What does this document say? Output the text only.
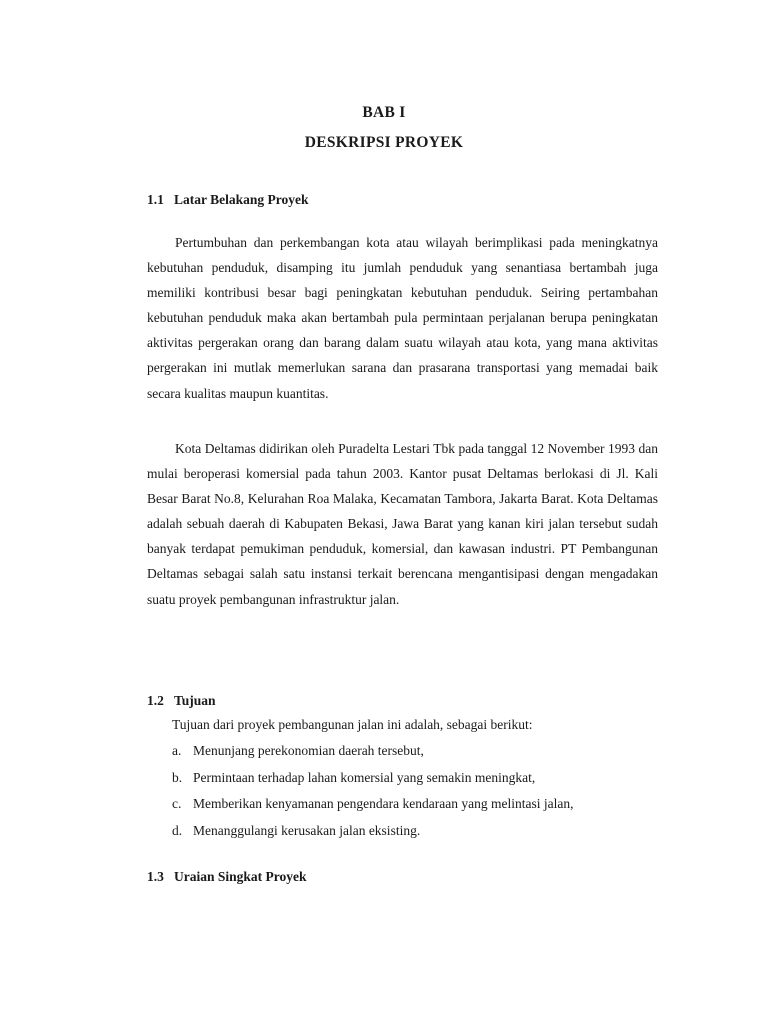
BAB I
DESKRIPSI PROYEK
1.1 Latar Belakang Proyek

Pertumbuhan dan perkembangan kota atau wilayah berimplikasi pada meningkatnya kebutuhan penduduk, disamping itu jumlah penduduk yang senantiasa bertambah juga memiliki kontribusi besar bagi peningkatan kebutuhan penduduk. Seiring pertambahan kebutuhan penduduk maka akan bertambah pula permintaan perjalanan berupa peningkatan aktivitas pergerakan orang dan barang dalam suatu wilayah atau kota, yang mana aktivitas pergerakan ini mutlak memerlukan sarana dan prasarana transportasi yang memadai baik secara kualitas maupun kuantitas.

Kota Deltamas didirikan oleh Puradelta Lestari Tbk pada tanggal 12 November 1993 dan mulai beroperasi komersial pada tahun 2003. Kantor pusat Deltamas berlokasi di Jl. Kali Besar Barat No.8, Kelurahan Roa Malaka, Kecamatan Tambora, Jakarta Barat. Kota Deltamas adalah sebuah daerah di Kabupaten Bekasi, Jawa Barat yang kanan kiri jalan tersebut sudah banyak terdapat pemukiman penduduk, komersial, dan kawasan industri. PT Pembangunan Deltamas sebagai salah satu instansi terkait berencana mengantisipasi dengan mengadakan suatu proyek pembangunan infrastruktur jalan.

1.2 Tujuan
Tujuan dari proyek pembangunan jalan ini adalah, sebagai berikut:
a. Menunjang perekonomian daerah tersebut,
b. Permintaan terhadap lahan komersial yang semakin meningkat,
c. Memberikan kenyamanan pengendara kendaraan yang melintasi jalan,
d. Menanggulangi kerusakan jalan eksisting.
1.3 Uraian Singkat Proyek
